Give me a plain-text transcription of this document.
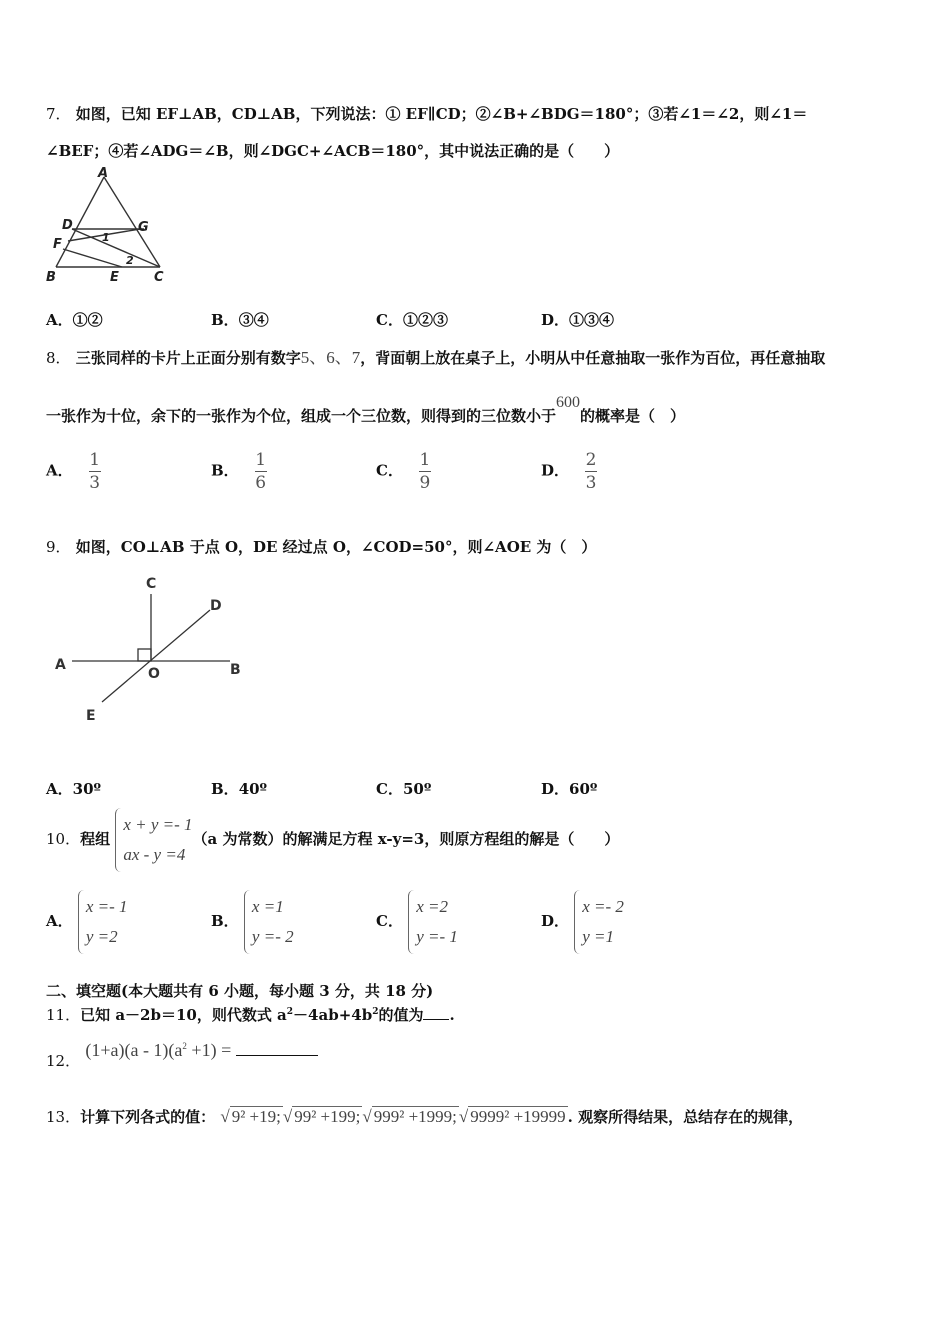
7． 如图，已知 EF⊥AB，CD⊥AB，下列说法：① EF∥CD；②∠B+∠BDG＝180°；③若∠1＝∠2，则∠1＝
∠BEF；④若∠ADG＝∠B，则∠DGC+∠ACB＝180°，其中说法正确的是（　　）
A
D	G
F	1
2
B	E	C
A．①②	B．③④	C．①②③	D．①③④
8． 三张同样的卡片上正面分别有数字5、6、7，背面朝上放在桌子上，小明从中任意抽取一张作为百位，再任意抽取
一张作为十位，余下的一张作为个位，组成一个三位数，则得到的三位数小于600的概率是（　）
A． $\frac{1}{3}$	B． $\frac{1}{6}$	C． $\frac{1}{9}$	D． $\frac{2}{3}$
9． 如图，CO⊥AB 于点 O，DE 经过点 O，∠COD=50°，则∠AOE 为（　）
C
D
A
O	B
E
A．30º	B．40º	C．50º	D．60º
10．程组 x + y =- 1
ax - y =4（a 为常数）的解满足方程 x-y=3，则原方程组的解是（　　）
A． x =- 1
y =2
B． x =1
y =- 2
C． x =2
y =- 1
D． x =- 2
y =1
二、填空题(本大题共有 6 小题，每小题 3 分，共 18 分)
11．已知 a－2b＝10，则代数式 $a^2-4ab+4b^2$的值为 .
12． $(1+a)(a - 1)(a^2 +1)$ =
13．计算下列各式的值： √ 9² +19; √ 99² +199; √ 999² +1999; √ 9999² +19999 . 观察所得结果，总结存在的规律，
